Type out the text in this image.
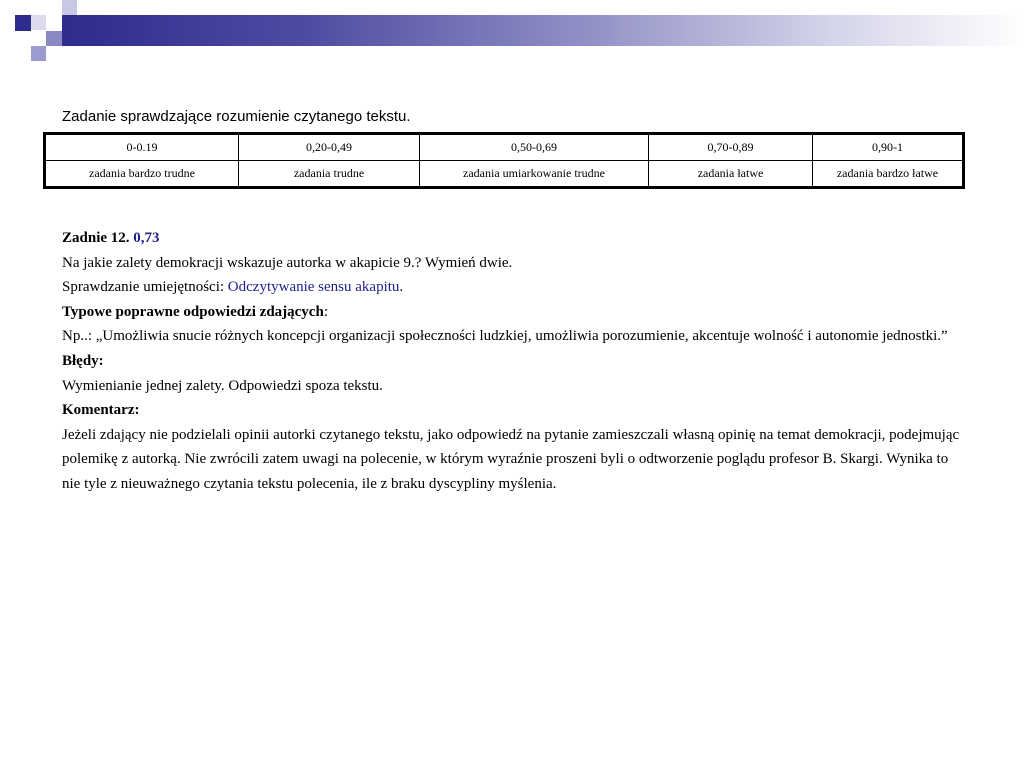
Zadanie sprawdzające rozumienie czytanego tekstu.
0-0.19	0,20-0,49	0,50-0,69	0,70-0,89	0,90-1
zadania bardzo trudne	zadania trudne	zadania umiarkowanie trudne	zadania łatwe	zadania bardzo łatwe

Zadnie 12. 0,73

Na jakie zalety demokracji wskazuje autorka w akapicie 9.? Wymień dwie.

Sprawdzanie umiejętności: Odczytywanie sensu akapitu.

Typowe poprawne odpowiedzi zdających:

Np..: „Umożliwia snucie różnych koncepcji organizacji społeczności ludzkiej, umożliwia porozumienie, akcentuje wolność i autonomie jednostki.”

Błędy:

Wymienianie jednej zalety. Odpowiedzi spoza tekstu.

Komentarz:

Jeżeli zdający nie podzielali opinii autorki czytanego tekstu, jako odpowiedź na pytanie zamieszczali własną opinię na temat demokracji, podejmując polemikę z autorką. Nie zwrócili zatem uwagi na polecenie, w którym wyraźnie proszeni byli o odtworzenie poglądu profesor B. Skargi. Wynika to nie tyle z nieuważnego czytania tekstu polecenia, ile z braku dyscypliny myślenia.
